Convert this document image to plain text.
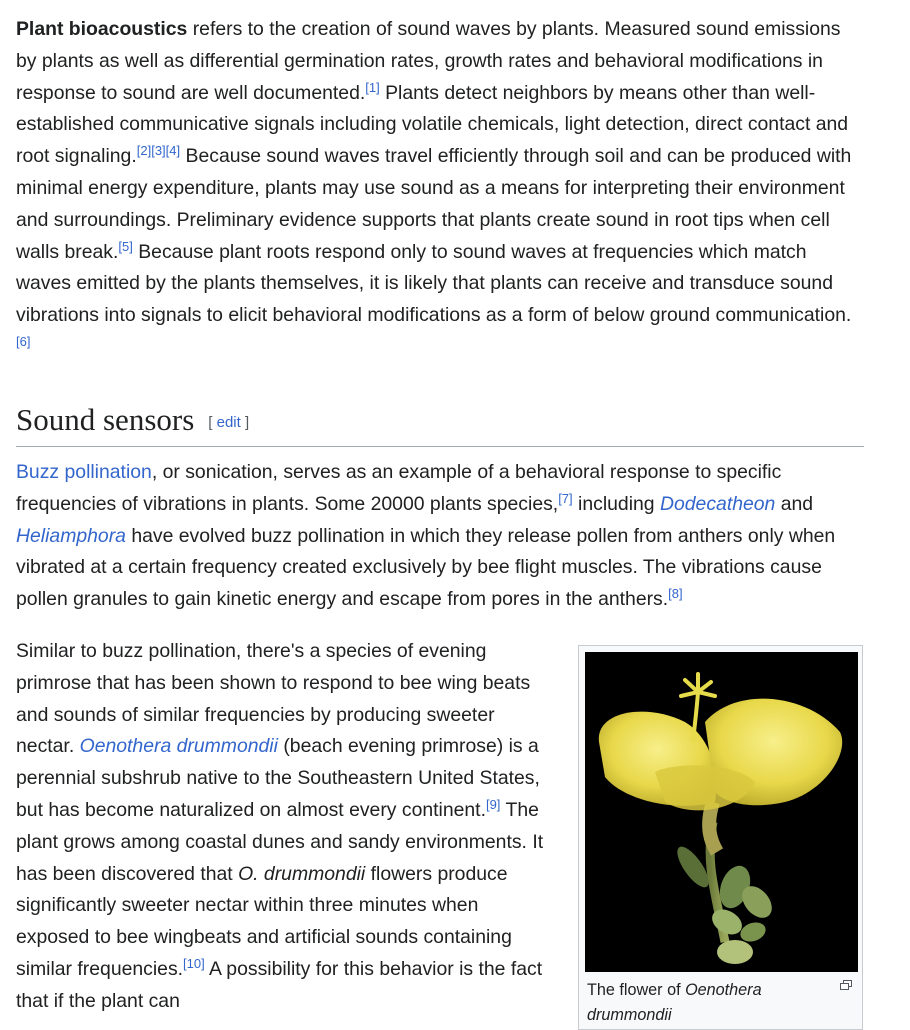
Plant bioacoustics refers to the creation of sound waves by plants. Measured sound emissions by plants as well as differential germination rates, growth rates and behavioral modifications in response to sound are well documented.[1] Plants detect neighbors by means other than well-established communicative signals including volatile chemicals, light detection, direct contact and root signaling.[2][3][4] Because sound waves travel efficiently through soil and can be produced with minimal energy expenditure, plants may use sound as a means for interpreting their environment and surroundings. Preliminary evidence supports that plants create sound in root tips when cell walls break.[5] Because plant roots respond only to sound waves at frequencies which match waves emitted by the plants themselves, it is likely that plants can receive and transduce sound vibrations into signals to elicit behavioral modifications as a form of below ground communication.[6]

Sound sensors [ edit ]

Buzz pollination, or sonication, serves as an example of a behavioral response to specific frequencies of vibrations in plants. Some 20000 plants species,[7] including Dodecatheon and Heliamphora have evolved buzz pollination in which they release pollen from anthers only when vibrated at a certain frequency created exclusively by bee flight muscles. The vibrations cause pollen granules to gain kinetic energy and escape from pores in the anthers.[8]

Similar to buzz pollination, there's a species of evening primrose that has been shown to respond to bee wing beats and sounds of similar frequencies by producing sweeter nectar. Oenothera drummondii (beach evening primrose) is a perennial subshrub native to the Southeastern United States, but has become naturalized on almost every continent.[9] The plant grows among coastal dunes and sandy environments. It has been discovered that O. drummondii flowers produce significantly sweeter nectar within three minutes when exposed to bee wingbeats and artificial sounds containing similar frequencies.[10] A possibility for this behavior is the fact that if the plant can	The flower of Oenothera drummondii
